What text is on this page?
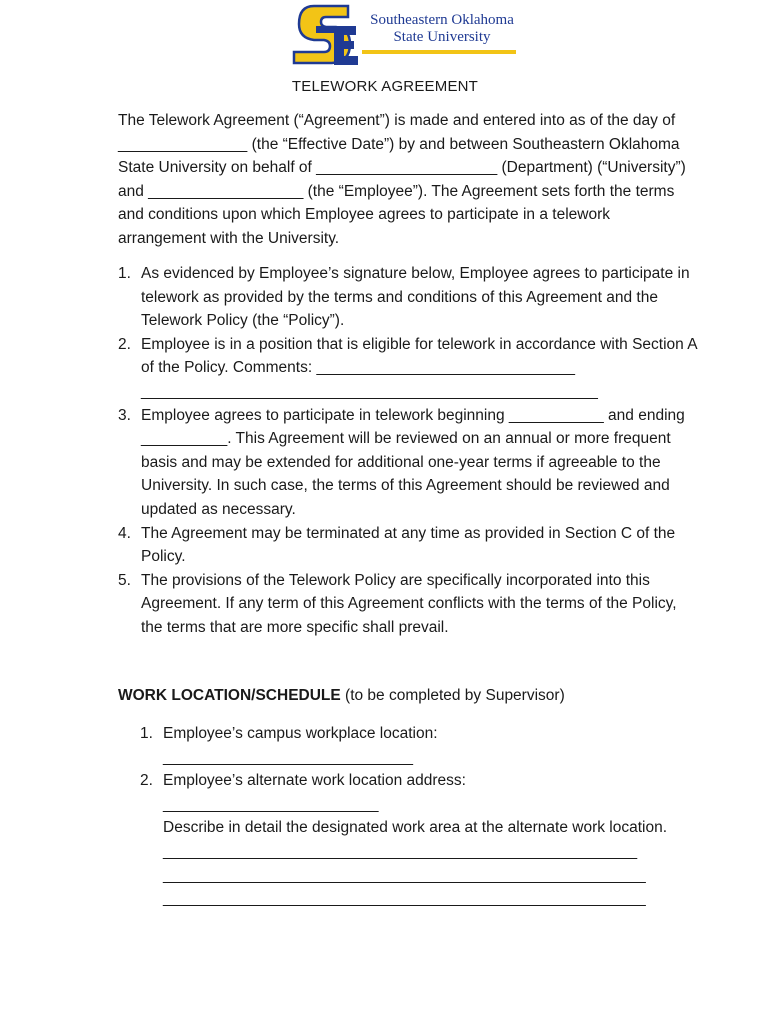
Southeastern Oklahoma
State University
TELEWORK AGREEMENT
The Telework Agreement (“Agreement”) is made and entered into as of the day of _______________ (the “Effective Date”) by and between Southeastern Oklahoma State University on behalf of _____________________ (Department) (“University”) and __________________ (the “Employee”). The Agreement sets forth the terms and conditions upon which Employee agrees to participate in a telework arrangement with the University.
1. As evidenced by Employee’s signature below, Employee agrees to participate in telework as provided by the terms and conditions of this Agreement and the Telework Policy (the “Policy”).
2. Employee is in a position that is eligible for telework in accordance with Section A of the Policy. Comments: ______________________________ _____________________________________________________
3. Employee agrees to participate in telework beginning ___________ and ending __________. This Agreement will be reviewed on an annual or more frequent basis and may be extended for additional one-year terms if agreeable to the University. In such case, the terms of this Agreement should be reviewed and updated as necessary.
4. The Agreement may be terminated at any time as provided in Section C of the Policy.
5. The provisions of the Telework Policy are specifically incorporated into this Agreement. If any term of this Agreement conflicts with the terms of the Policy, the terms that are more specific shall prevail.
WORK LOCATION/SCHEDULE (to be completed by Supervisor)
1. Employee’s campus workplace location:
_____________________________
2. Employee’s alternate work location address:
_________________________
Describe in detail the designated work area at the alternate work location.
_______________________________________________________
________________________________________________________
________________________________________________________
